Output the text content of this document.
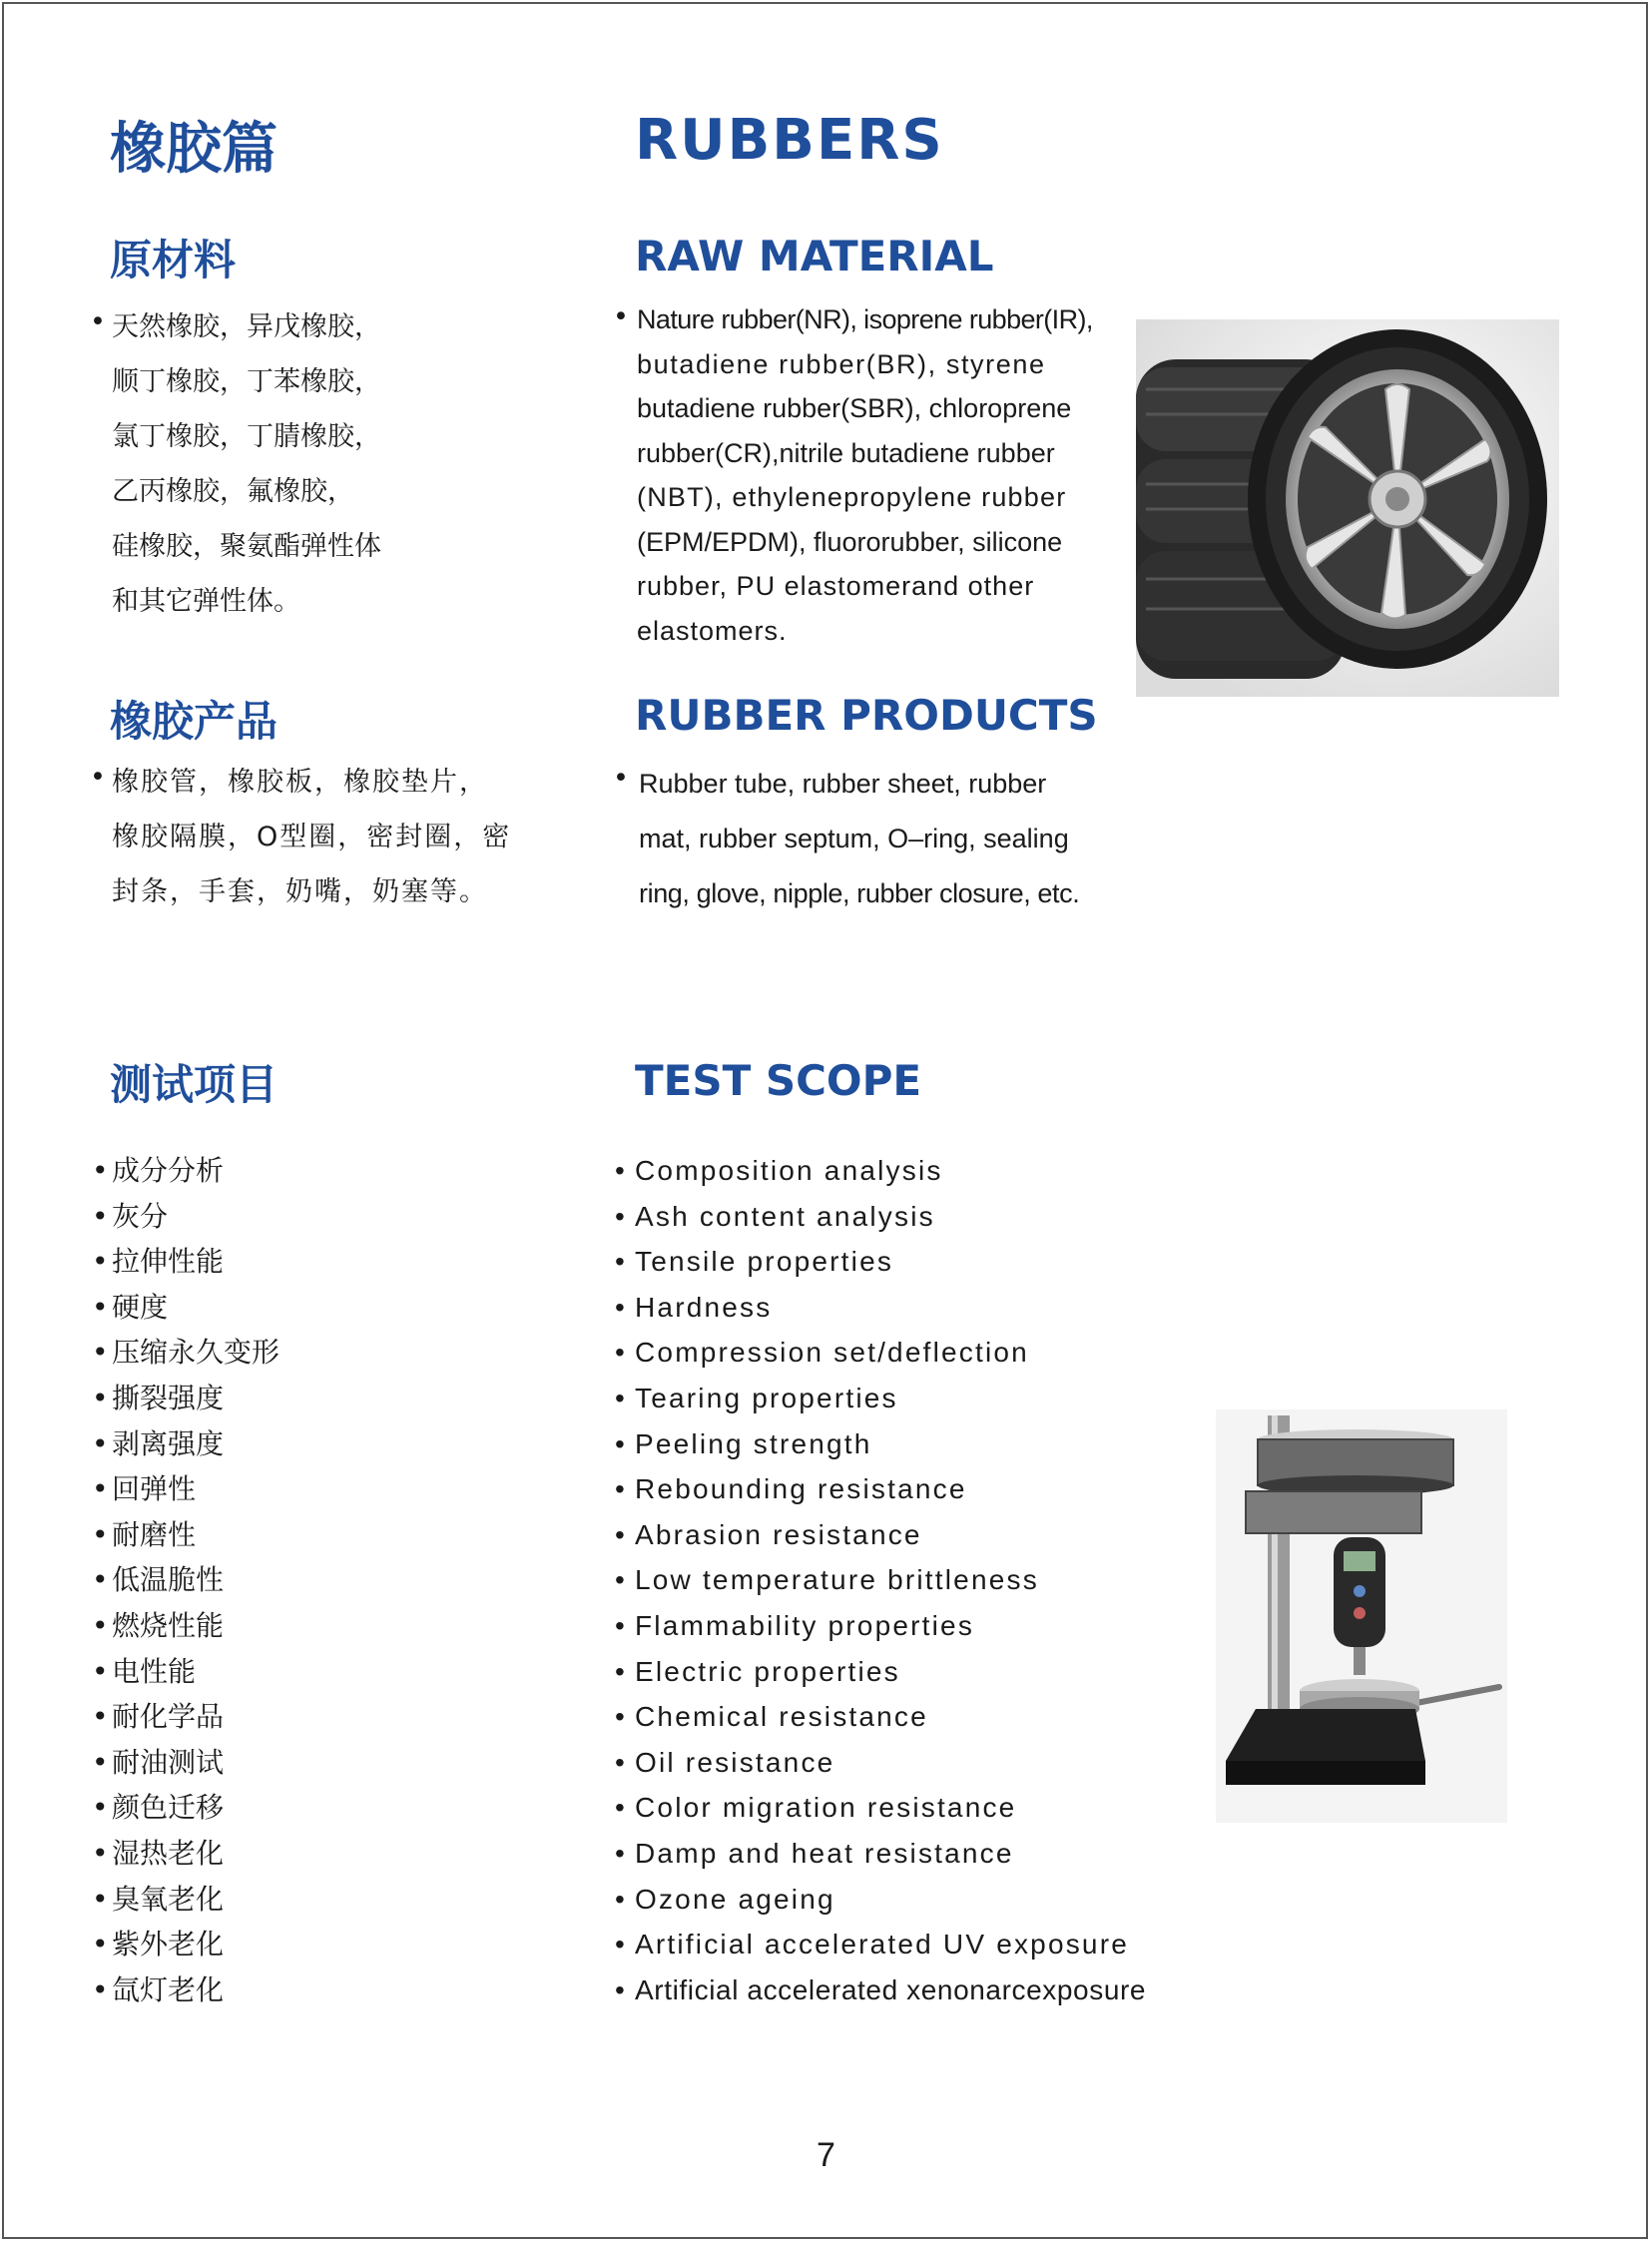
橡胶篇	RUBBERS
原材料	RAW MATERIAL
• 天然橡胶，异戊橡胶，
顺丁橡胶，丁苯橡胶，
氯丁橡胶，丁腈橡胶，
乙丙橡胶，氟橡胶，
硅橡胶，聚氨酯弹性体
和其它弹性体。
• Nature rubber(NR), isoprene rubber(IR),
butadiene rubber(BR), styrene
butadiene rubber(SBR), chloroprene
rubber(CR),nitrile butadiene rubber
(NBT), ethylenepropylene rubber
(EPM/EPDM), fluororubber, silicone
rubber, PU elastomerand other
elastomers.
橡胶产品	RUBBER PRODUCTS
• 橡胶管，橡胶板，橡胶垫片，
橡胶隔膜，O型圈，密封圈，密
封条，手套，奶嘴，奶塞等。
• Rubber tube, rubber sheet, rubber
mat, rubber septum, O–ring, sealing
ring, glove, nipple, rubber closure, etc.
测试项目	TEST SCOPE
• 成分分析
• 灰分
• 拉伸性能
• 硬度
• 压缩永久变形
• 撕裂强度
• 剥离强度
• 回弹性
• 耐磨性
• 低温脆性
• 燃烧性能
• 电性能
• 耐化学品
• 耐油测试
• 颜色迁移
• 湿热老化
• 臭氧老化
• 紫外老化
• 氙灯老化
• Composition analysis
• Ash content analysis
• Tensile properties
• Hardness
• Compression set/deflection
• Tearing properties
• Peeling strength
• Rebounding resistance
• Abrasion resistance
• Low temperature brittleness
• Flammability properties
• Electric properties
• Chemical resistance
• Oil resistance
• Color migration resistance
• Damp and heat resistance
• Ozone ageing
• Artificial accelerated UV exposure
• Artificial accelerated xenonarcexposure
7
